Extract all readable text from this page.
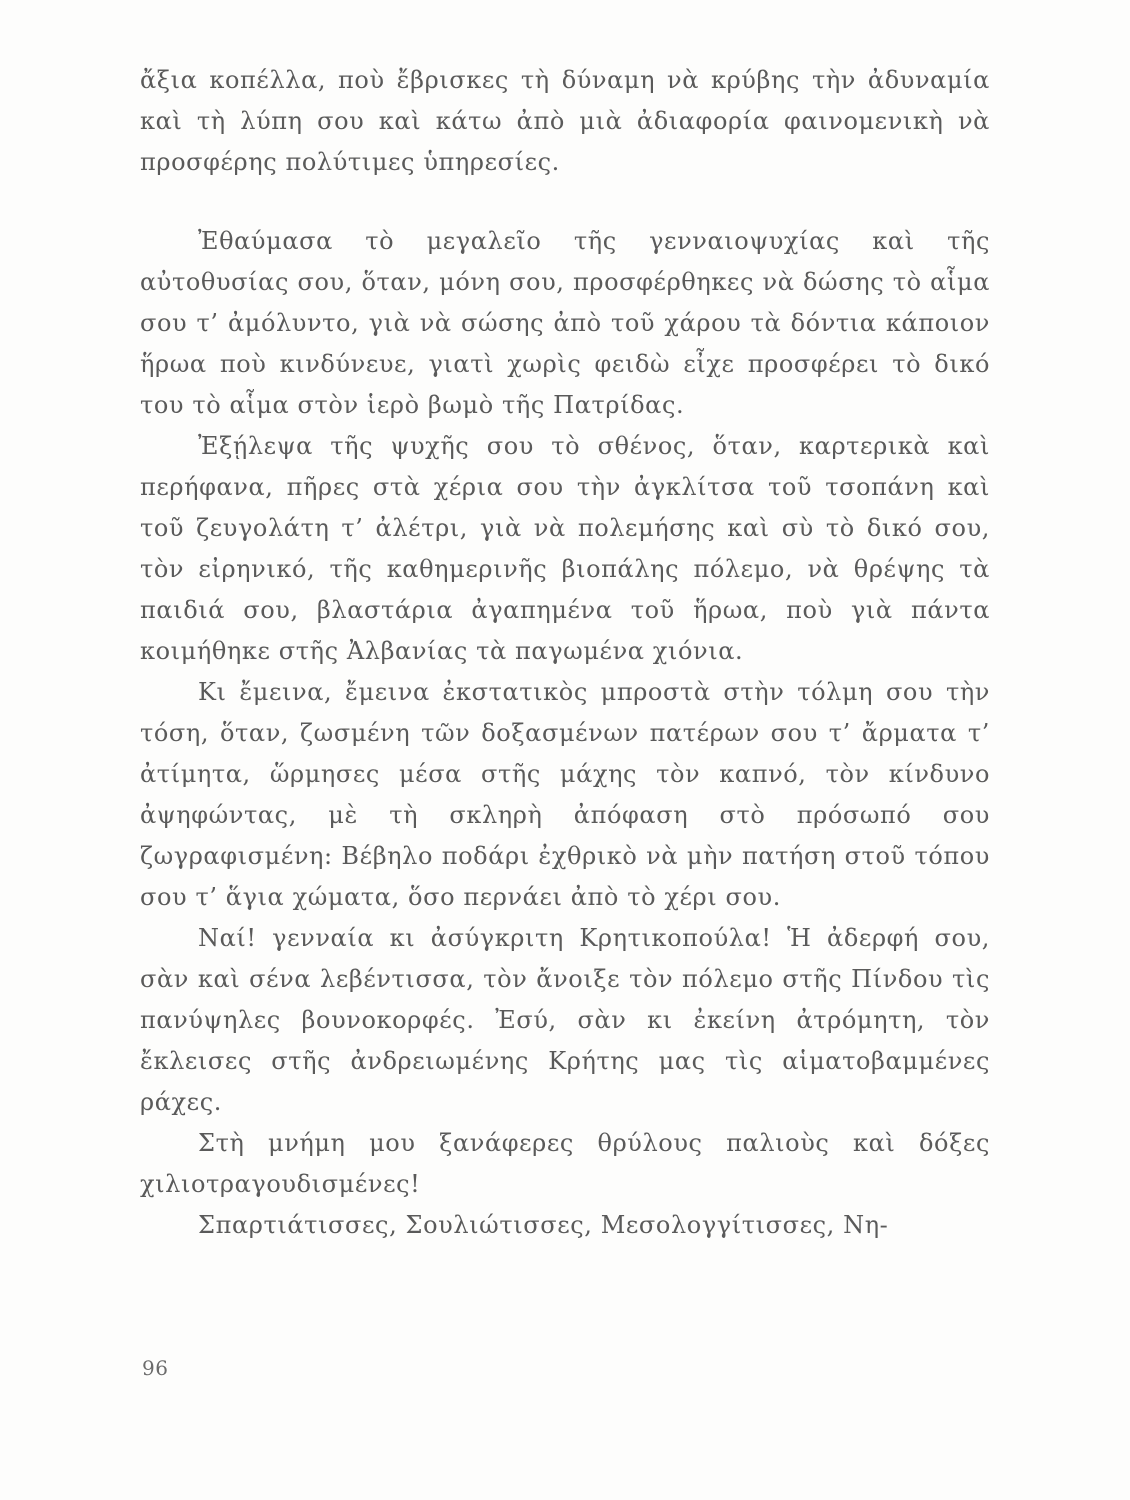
ἄξια κοπέλλα, ποὺ ἔβρισκες τὴ δύναμη νὰ κρύβης τὴν ἀδυναμία καὶ τὴ λύπη σου καὶ κάτω ἀπὸ μιὰ ἀδιαφορία φαινομενικὴ νὰ προσφέρης πολύτιμες ὑπηρεσίες.

Ἐθαύμασα τὸ μεγαλεῖο τῆς γενναιοψυχίας καὶ τῆς αὐτοθυσίας σου, ὅταν, μόνη σου, προσφέρθηκες νὰ δώσης τὸ αἷμα σου τ’ ἀμόλυντο, γιὰ νὰ σώσης ἀπὸ τοῦ χάρου τὰ δόντια κάποιον ἥρωα ποὺ κινδύνευε, γιατὶ χωρὶς φειδὼ εἶχε προσφέρει τὸ δικό του τὸ αἷμα στὸν ἱερὸ βωμὸ τῆς Πατρίδας.

Ἐξῄλεψα τῆς ψυχῆς σου τὸ σθένος, ὅταν, καρτερικὰ καὶ περήφανα, πῆρες στὰ χέρια σου τὴν ἀγκλίτσα τοῦ τσοπάνη καὶ τοῦ ζευγολάτη τ’ ἀλέτρι, γιὰ νὰ πολεμήσης καὶ σὺ τὸ δικό σου, τὸν εἰρηνικό, τῆς καθημερινῆς βιοπάλης πόλεμο, νὰ θρέψης τὰ παιδιά σου, βλαστάρια ἀγαπημένα τοῦ ἥρωα, ποὺ γιὰ πάντα κοιμήθηκε στῆς Ἀλβανίας τὰ παγωμένα χιόνια.

Κι ἔμεινα, ἔμεινα ἐκστατικὸς μπροστὰ στὴν τόλμη σου τὴν τόση, ὅταν, ζωσμένη τῶν δοξασμένων πατέρων σου τ’ ἄρματα τ’ ἀτίμητα, ὥρμησες μέσα στῆς μάχης τὸν καπνό, τὸν κίνδυνο ἀψηφώντας, μὲ τὴ σκληρὴ ἀπόφαση στὸ πρόσωπό σου ζωγραφισμένη: Βέβηλο ποδάρι ἐχθρικὸ νὰ μὴν πατήση στοῦ τόπου σου τ’ ἅγια χώματα, ὅσο περνάει ἀπὸ τὸ χέρι σου.

Ναί! γενναία κι ἀσύγκριτη Κρητικοπούλα! Ἡ ἀδερφή σου, σὰν καὶ σένα λεβέντισσα, τὸν ἄνοιξε τὸν πόλεμο στῆς Πίνδου τὶς πανύψηλες βουνοκορφές. Ἐσύ, σὰν κι ἐκείνη ἀτρόμητη, τὸν ἔκλεισες στῆς ἀνδρειωμένης Κρήτης μας τὶς αἱματοβαμμένες ράχες.

Στὴ μνήμη μου ξανάφερες θρύλους παλιοὺς καὶ δόξες χιλιοτραγουδισμένες!

Σπαρτιάτισσες, Σουλιώτισσες, Μεσολογγίτισσες, Νη-

96
